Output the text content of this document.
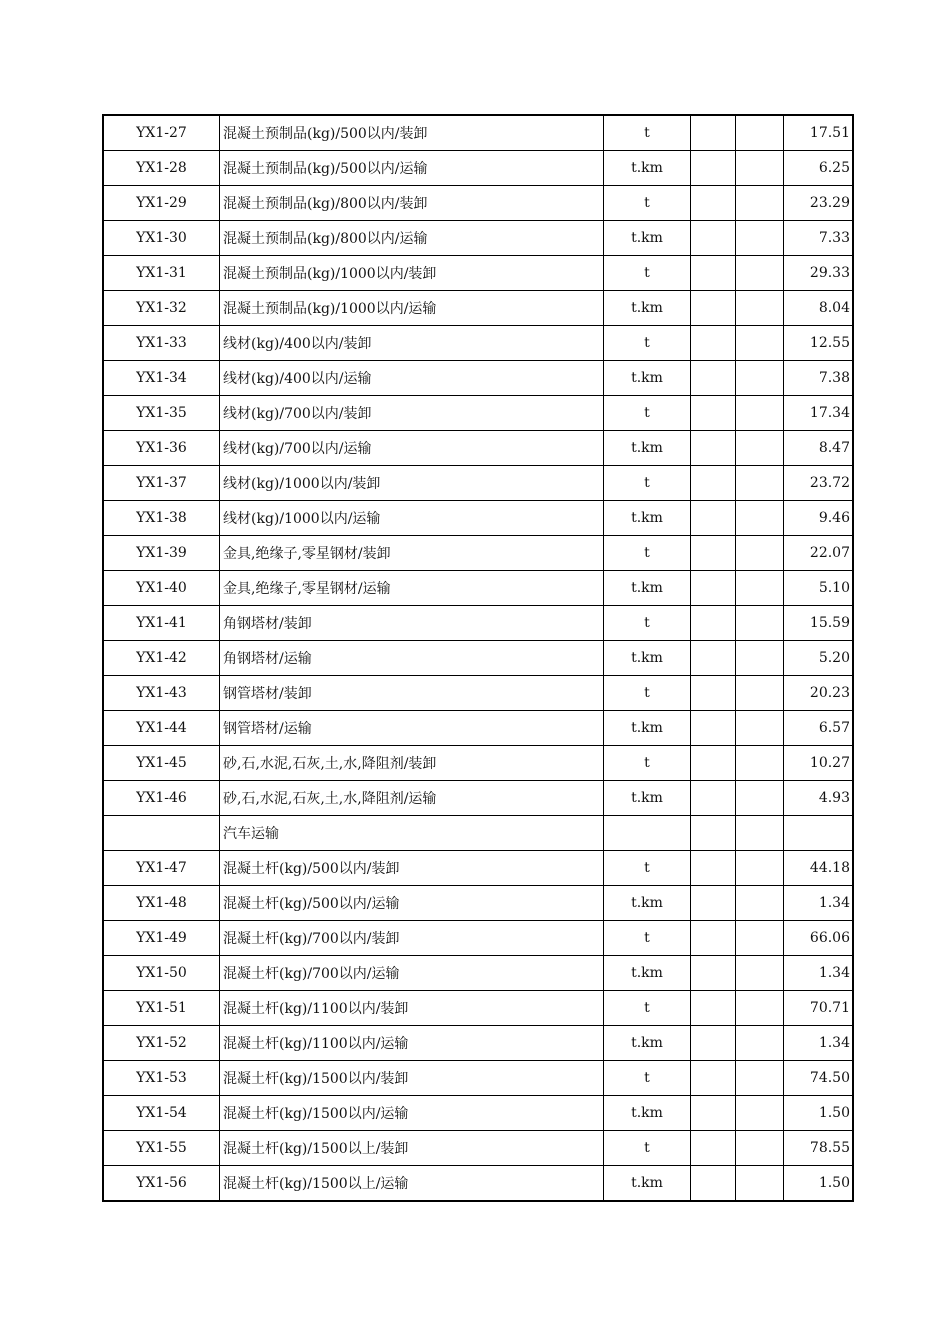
YX1-27	混凝土预制品(kg)/500以内/装卸	t			17.51
YX1-28	混凝土预制品(kg)/500以内/运输	t.km			6.25
YX1-29	混凝土预制品(kg)/800以内/装卸	t			23.29
YX1-30	混凝土预制品(kg)/800以内/运输	t.km			7.33
YX1-31	混凝土预制品(kg)/1000以内/装卸	t			29.33
YX1-32	混凝土预制品(kg)/1000以内/运输	t.km			8.04
YX1-33	线材(kg)/400以内/装卸	t			12.55
YX1-34	线材(kg)/400以内/运输	t.km			7.38
YX1-35	线材(kg)/700以内/装卸	t			17.34
YX1-36	线材(kg)/700以内/运输	t.km			8.47
YX1-37	线材(kg)/1000以内/装卸	t			23.72
YX1-38	线材(kg)/1000以内/运输	t.km			9.46
YX1-39	金具,绝缘子,零星钢材/装卸	t			22.07
YX1-40	金具,绝缘子,零星钢材/运输	t.km			5.10
YX1-41	角钢塔材/装卸	t			15.59
YX1-42	角钢塔材/运输	t.km			5.20
YX1-43	钢管塔材/装卸	t			20.23
YX1-44	钢管塔材/运输	t.km			6.57
YX1-45	砂,石,水泥,石灰,土,水,降阻剂/装卸	t			10.27
YX1-46	砂,石,水泥,石灰,土,水,降阻剂/运输	t.km			4.93
	汽车运输				
YX1-47	混凝土杆(kg)/500以内/装卸	t			44.18
YX1-48	混凝土杆(kg)/500以内/运输	t.km			1.34
YX1-49	混凝土杆(kg)/700以内/装卸	t			66.06
YX1-50	混凝土杆(kg)/700以内/运输	t.km			1.34
YX1-51	混凝土杆(kg)/1100以内/装卸	t			70.71
YX1-52	混凝土杆(kg)/1100以内/运输	t.km			1.34
YX1-53	混凝土杆(kg)/1500以内/装卸	t			74.50
YX1-54	混凝土杆(kg)/1500以内/运输	t.km			1.50
YX1-55	混凝土杆(kg)/1500以上/装卸	t			78.55
YX1-56	混凝土杆(kg)/1500以上/运输	t.km			1.50
